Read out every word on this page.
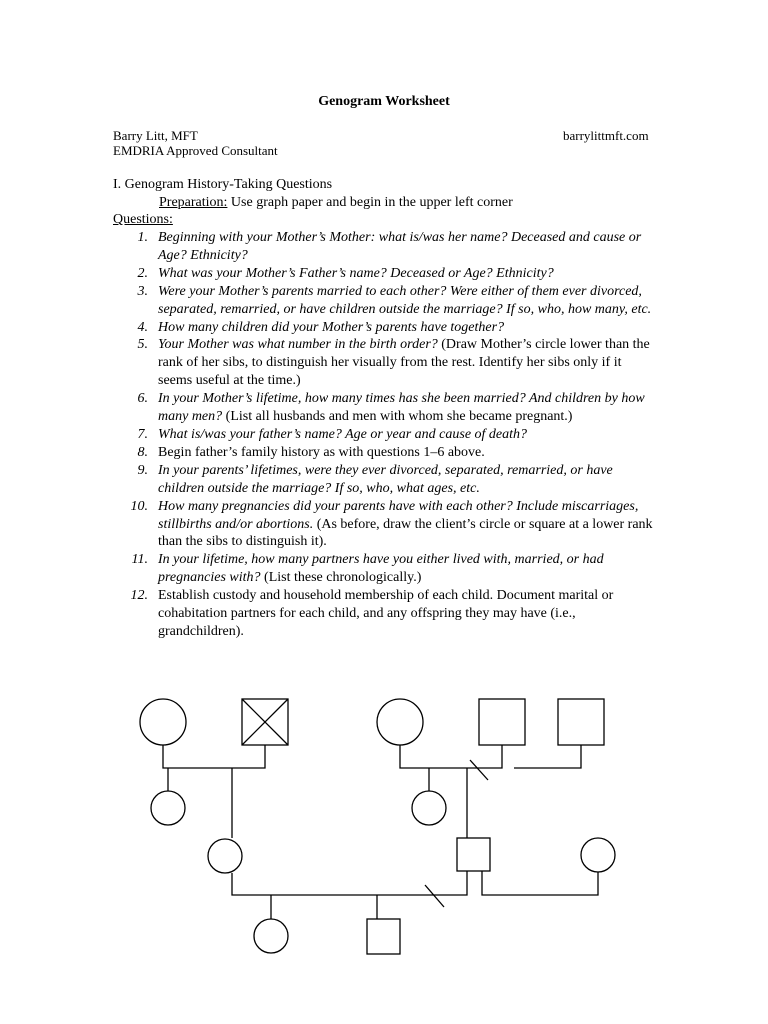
Genogram Worksheet
Barry Litt, MFT
EMDRIA Approved Consultant
barrylittmft.com
I. Genogram History-Taking Questions
Preparation: Use graph paper and begin in the upper left corner
Questions:
1. Beginning with your Mother’s Mother: what is/was her name? Deceased and cause or Age? Ethnicity?
2. What was your Mother’s Father’s name? Deceased or Age? Ethnicity?
3. Were your Mother’s parents married to each other? Were either of them ever divorced, separated, remarried, or have children outside the marriage? If so, who, how many, etc.
4. How many children did your Mother’s parents have together?
5. Your Mother was what number in the birth order? (Draw Mother’s circle lower than the rank of her sibs, to distinguish her visually from the rest. Identify her sibs only if it seems useful at the time.)
6. In your Mother’s lifetime, how many times has she been married? And children by how many men? (List all husbands and men with whom she became pregnant.)
7. What is/was your father’s name? Age or year and cause of death?
8. Begin father’s family history as with questions 1–6 above.
9. In your parents’ lifetimes, were they ever divorced, separated, remarried, or have children outside the marriage? If so, who, what ages, etc.
10. How many pregnancies did your parents have with each other? Include miscarriages, stillbirths and/or abortions. (As before, draw the client’s circle or square at a lower rank than the sibs to distinguish it).
11. In your lifetime, how many partners have you either lived with, married, or had pregnancies with? (List these chronologically.)
12. Establish custody and household membership of each child. Document marital or cohabitation partners for each child, and any offspring they may have (i.e., grandchildren).
